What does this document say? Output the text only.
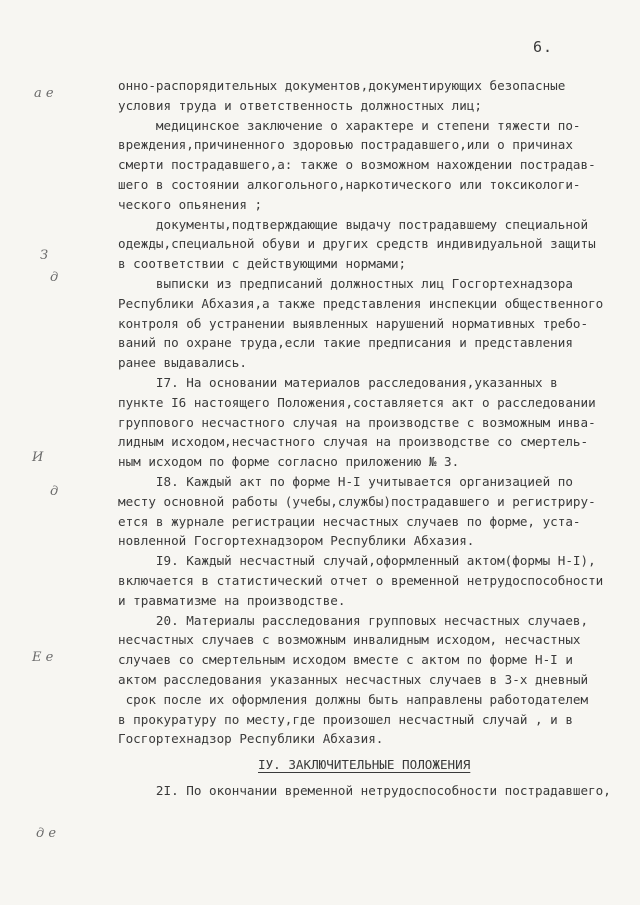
6.
а е
З
д
И
д
Е е
д е
онно-распорядительных документов,документирующих безопасные
условия труда и ответственность должностных лиц;
медицинское заключение о характере и степени тяжести по-
вреждения,причиненного здоровью пострадавшего,или о причинах
смерти пострадавшего,а: также о возможном нахождении пострадав-
шего в состоянии алкогольного,наркотического или токсикологи-
ческого опьянения ;
документы,подтверждающие выдачу пострадавшему специальной
одежды,специальной обуви и других средств индивидуальной защиты
в соответствии с действующими нормами;
выписки из предписаний должностных лиц Госгортехнадзора
Республики Абхазия,а также представления инспекции общественного
контроля об устранении выявленных нарушений нормативных требо-
ваний по охране труда,если такие предписания и представления
ранее выдавались.
I7. На основании материалов расследования,указанных в
пункте I6 настоящего Положения,составляется акт о расследовании
группового несчастного случая на производстве с возможным инва-
лидным исходом,несчастного случая на производстве со смертель-
ным исходом по форме согласно приложению № 3.
I8. Каждый акт по форме Н-I учитывается организацией по
месту основной работы (учебы,службы)пострадавшего и регистриру-
ется в журнале регистрации несчастных случаев по форме, уста-
новленной Госгортехнадзором Республики Абхазия.
I9. Каждый несчастный случай,оформленный актом(формы Н-I),
включается в статистический отчет о временной нетрудоспособности
и травматизме на производстве.
20. Материалы расследования групповых несчастных случаев,
несчастных случаев с возможным инвалидным исходом, несчастных
случаев со смертельным исходом вместе с актом по форме Н-I и
актом расследования указанных несчастных случаев в 3-х дневный
срок после их оформления должны быть направлены работодателем
в прокуратуру по месту,где произошел несчастный случай , и в
Госгортехнадзор Республики Абхазия.
ІУ. ЗАКЛЮЧИТЕЛЬНЫЕ ПОЛОЖЕНИЯ
2I. По окончании временной нетрудоспособности пострадавшего,
